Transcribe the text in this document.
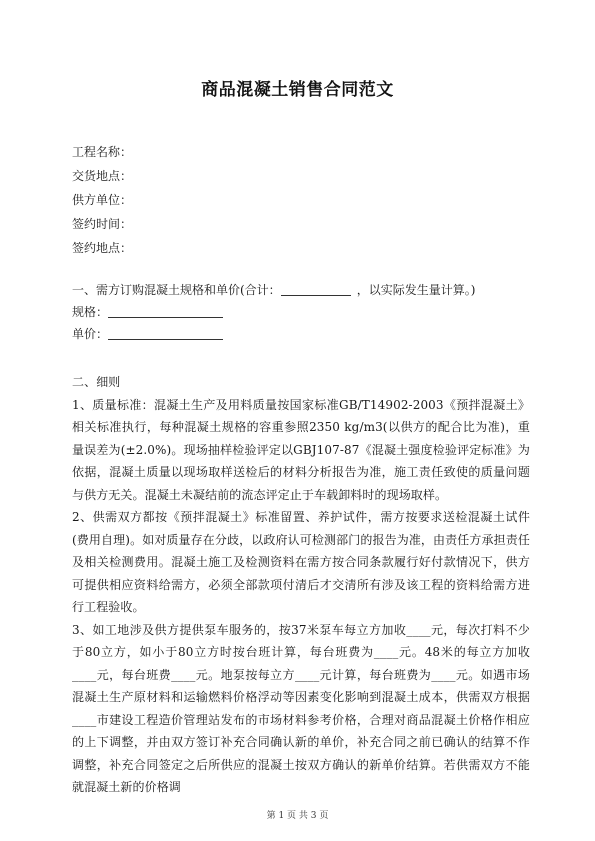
商品混凝土销售合同范文
工程名称：
交货地点：
供方单位：
签约时间：
签约地点：
一、需方订购混凝土规格和单价(合计：	，以实际发生量计算。)
规格：
单价：

二、细则

1、质量标准：混凝土生产及用料质量按国家标准GB/T14902-2003《预拌混凝土》相关标准执行，每种混凝土规格的容重参照2350 kg/m3(以供方的配合比为准)，重量误差为(±2.0%)。现场抽样检验评定以GBJ107-87《混凝土强度检验评定标准》为依据，混凝土质量以现场取样送检后的材料分析报告为准，施工责任致使的质量问题与供方无关。混凝土未凝结前的流态评定止于车载卸料时的现场取样。

2、供需双方都按《预拌混凝土》标准留置、养护试件，需方按要求送检混凝土试件(费用自理)。如对质量存在分歧，以政府认可检测部门的报告为准，由责任方承担责任及相关检测费用。混凝土施工及检测资料在需方按合同条款履行好付款情况下，供方可提供相应资料给需方，必须全部款项付清后才交清所有涉及该工程的资料给需方进行工程验收。

3、如工地涉及供方提供泵车服务的，按37米泵车每立方加收____元，每次打料不少于80立方，如小于80立方时按台班计算，每台班费为____元。48米的每立方加收____元，每台班费____元。地泵按每立方____元计算，每台班费为____元。如遇市场混凝土生产原材料和运输燃料价格浮动等因素变化影响到混凝土成本，供需双方根据____市建设工程造价管理站发布的市场材料参考价格，合理对商品混凝土价格作相应的上下调整，并由双方签订补充合同确认新的单价，补充合同之前已确认的结算不作调整，补充合同签定之后所供应的混凝土按双方确认的新单价结算。若供需双方不能就混凝土新的价格调

第 1 页 共 3 页
